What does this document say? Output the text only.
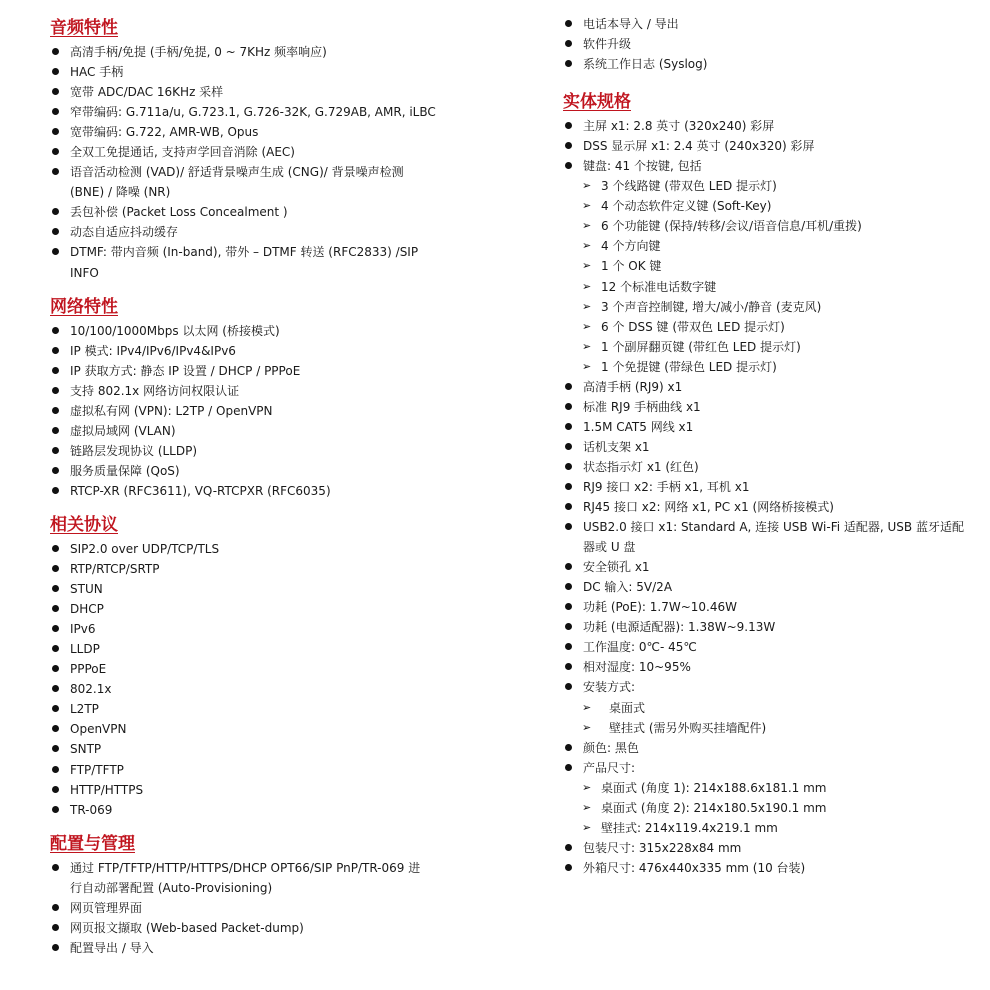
音频特性
高清手柄/免提 (手柄/免提, 0 ~ 7KHz 频率响应)
HAC 手柄
宽带 ADC/DAC 16KHz 采样
窄带编码: G.711a/u, G.723.1, G.726-32K, G.729AB, AMR, iLBC
宽带编码: G.722, AMR-WB, Opus
全双工免提通话, 支持声学回音消除 (AEC)
语音活动检测 (VAD)/ 舒适背景噪声生成 (CNG)/ 背景噪声检测 (BNE) / 降噪 (NR)
丢包补偿 (Packet Loss Concealment )
动态自适应抖动缓存
DTMF: 带内音频 (In-band), 带外 – DTMF 转送 (RFC2833) /SIP INFO
网络特性
10/100/1000Mbps 以太网 (桥接模式)
IP 模式: IPv4/IPv6/IPv4&IPv6
IP 获取方式: 静态 IP 设置 / DHCP / PPPoE
支持 802.1x 网络访问权限认证
虚拟私有网 (VPN): L2TP / OpenVPN
虚拟局域网 (VLAN)
链路层发现协议 (LLDP)
服务质量保障 (QoS)
RTCP-XR (RFC3611), VQ-RTCPXR (RFC6035)
相关协议
SIP2.0 over UDP/TCP/TLS
RTP/RTCP/SRTP
STUN
DHCP
IPv6
LLDP
PPPoE
802.1x
L2TP
OpenVPN
SNTP
FTP/TFTP
HTTP/HTTPS
TR-069
配置与管理
通过 FTP/TFTP/HTTP/HTTPS/DHCP OPT66/SIP PnP/TR-069 进行自动部署配置 (Auto-Provisioning)
网页管理界面
网页报文撷取 (Web-based Packet-dump)
配置导出 / 导入
电话本导入 / 导出
软件升级
系统工作日志 (Syslog)
实体规格
主屏 x1: 2.8 英寸 (320x240) 彩屏
DSS 显示屏 x1: 2.4 英寸 (240x320) 彩屏
键盘: 41 个按键, 包括
➢ 3 个线路键 (带双色 LED 提示灯)
➢ 4 个动态软件定义键 (Soft-Key)
➢ 6 个功能键 (保持/转移/会议/语音信息/耳机/重拨)
➢ 4 个方向键
➢ 1 个 OK 键
➢ 12 个标准电话数字键
➢ 3 个声音控制键, 增大/减小/静音 (麦克风)
➢ 6 个 DSS 键 (带双色 LED 提示灯)
➢ 1 个副屏翻页键 (带红色 LED 提示灯)
➢ 1 个免提键 (带绿色 LED 提示灯)
高清手柄 (RJ9) x1
标准 RJ9 手柄曲线 x1
1.5M CAT5 网线 x1
话机支架 x1
状态指示灯 x1 (红色)
RJ9 接口 x2: 手柄 x1, 耳机 x1
RJ45 接口 x2: 网络 x1, PC x1 (网络桥接模式)
USB2.0 接口 x1: Standard A, 连接 USB Wi-Fi 适配器, USB 蓝牙适配器或 U 盘
安全锁孔 x1
DC 输入: 5V/2A
功耗 (PoE): 1.7W~10.46W
功耗 (电源适配器): 1.38W~9.13W
工作温度: 0℃- 45℃
相对湿度: 10~95%
安装方式:
➢ 桌面式
➢ 壁挂式 (需另外购买挂墙配件)
颜色: 黑色
产品尺寸:
➢ 桌面式 (角度 1): 214x188.6x181.1 mm
➢ 桌面式 (角度 2): 214x180.5x190.1 mm
➢ 壁挂式: 214x119.4x219.1 mm
包装尺寸: 315x228x84 mm
外箱尺寸: 476x440x335 mm (10 台装)
